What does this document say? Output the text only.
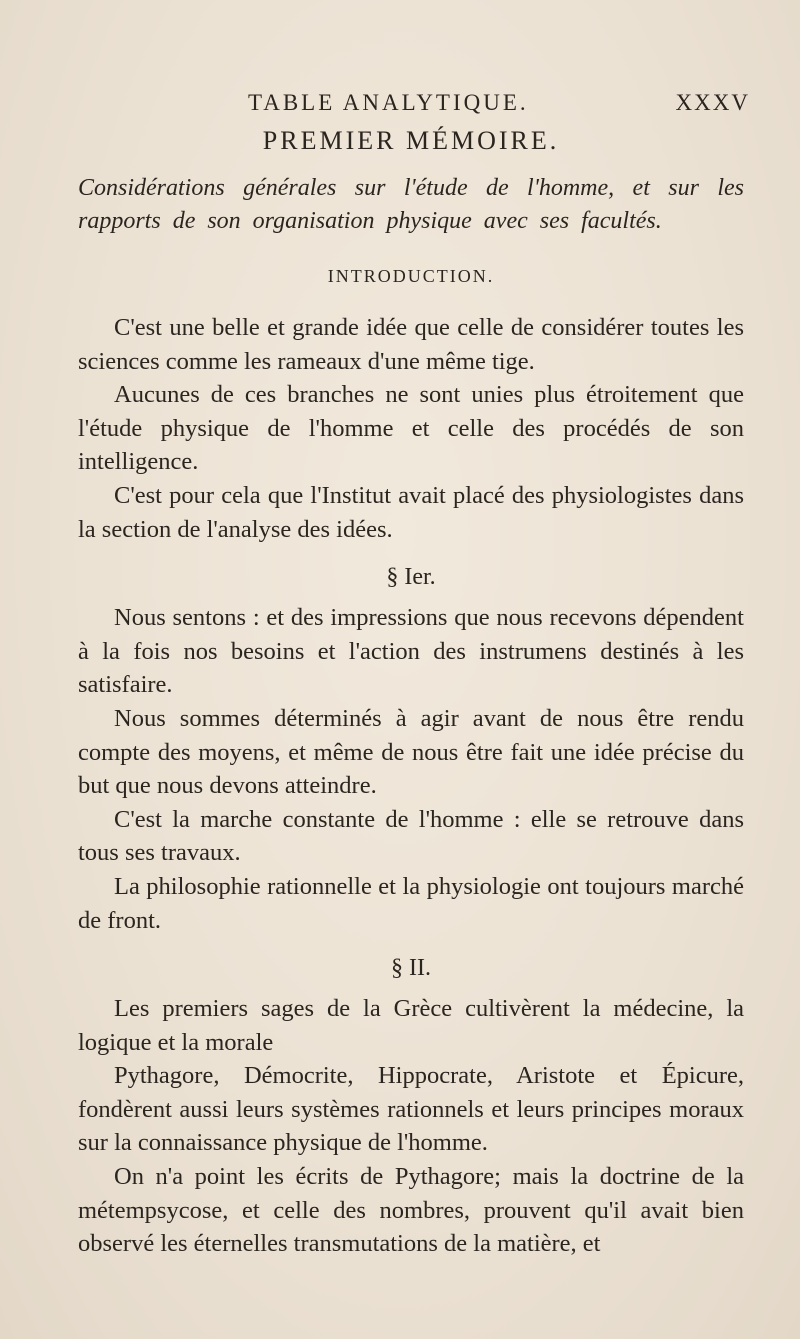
TABLE ANALYTIQUE.	XXXV
PREMIER MÉMOIRE.
Considérations générales sur l'étude de l'homme, et sur les rapports de son organisation physique avec ses facultés.
INTRODUCTION.

C'est une belle et grande idée que celle de considérer toutes les sciences comme les rameaux d'une même tige.

Aucunes de ces branches ne sont unies plus étroitement que l'étude physique de l'homme et celle des procédés de son intelligence.

C'est pour cela que l'Institut avait placé des physiologistes dans la section de l'analyse des idées.

§ Ier.

Nous sentons : et des impressions que nous recevons dépendent à la fois nos besoins et l'action des instrumens destinés à les satisfaire.

Nous sommes déterminés à agir avant de nous être rendu compte des moyens, et même de nous être fait une idée précise du but que nous devons atteindre.

C'est la marche constante de l'homme : elle se retrouve dans tous ses travaux.

La philosophie rationnelle et la physiologie ont toujours marché de front.

§ II.

Les premiers sages de la Grèce cultivèrent la médecine, la logique et la morale

Pythagore, Démocrite, Hippocrate, Aristote et Épicure, fondèrent aussi leurs systèmes rationnels et leurs principes moraux sur la connaissance physique de l'homme.

On n'a point les écrits de Pythagore; mais la doctrine de la métempsycose, et celle des nombres, prouvent qu'il avait bien observé les éternelles transmutations de la matière, et
